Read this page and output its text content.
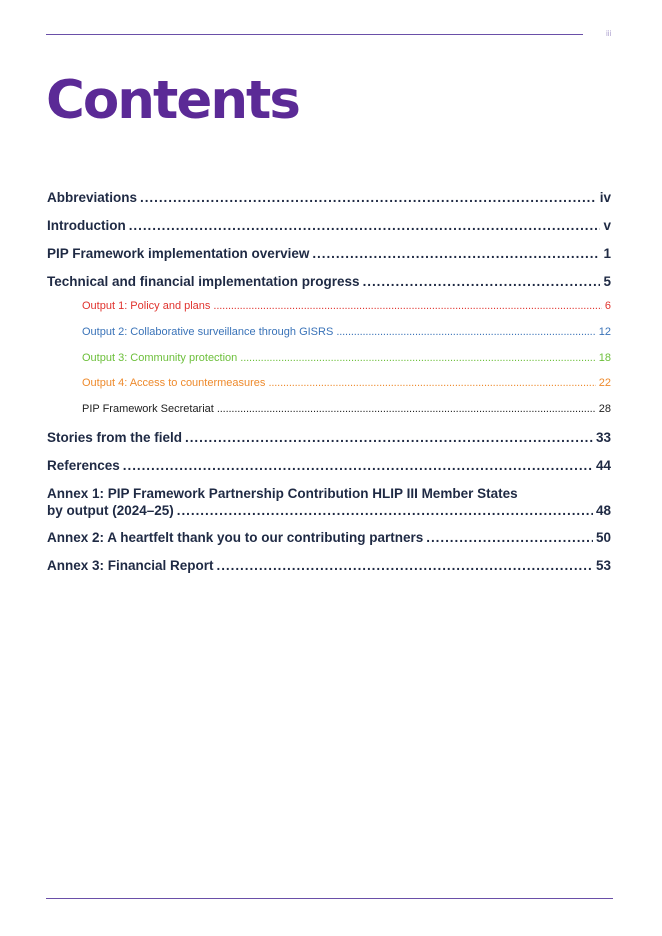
iii
Contents
Abbreviations . . .	iv
Introduction . . .	v
PIP Framework implementation overview . . .	1
Technical and financial implementation progress . . .	5
Output 1: Policy and plans . . .	6
Output 2: Collaborative surveillance through GISRS . . .	12
Output 3: Community protection . . .	18
Output 4: Access to countermeasures . . .	22
PIP Framework Secretariat . . .	28
Stories from the field . . .	33
References . . .	44
Annex 1: PIP Framework Partnership Contribution HLIP III Member States
by output (2024–25) . . .	48
Annex 2: A heartfelt thank you to our contributing partners . . .	50
Annex 3: Financial Report . . .	53
